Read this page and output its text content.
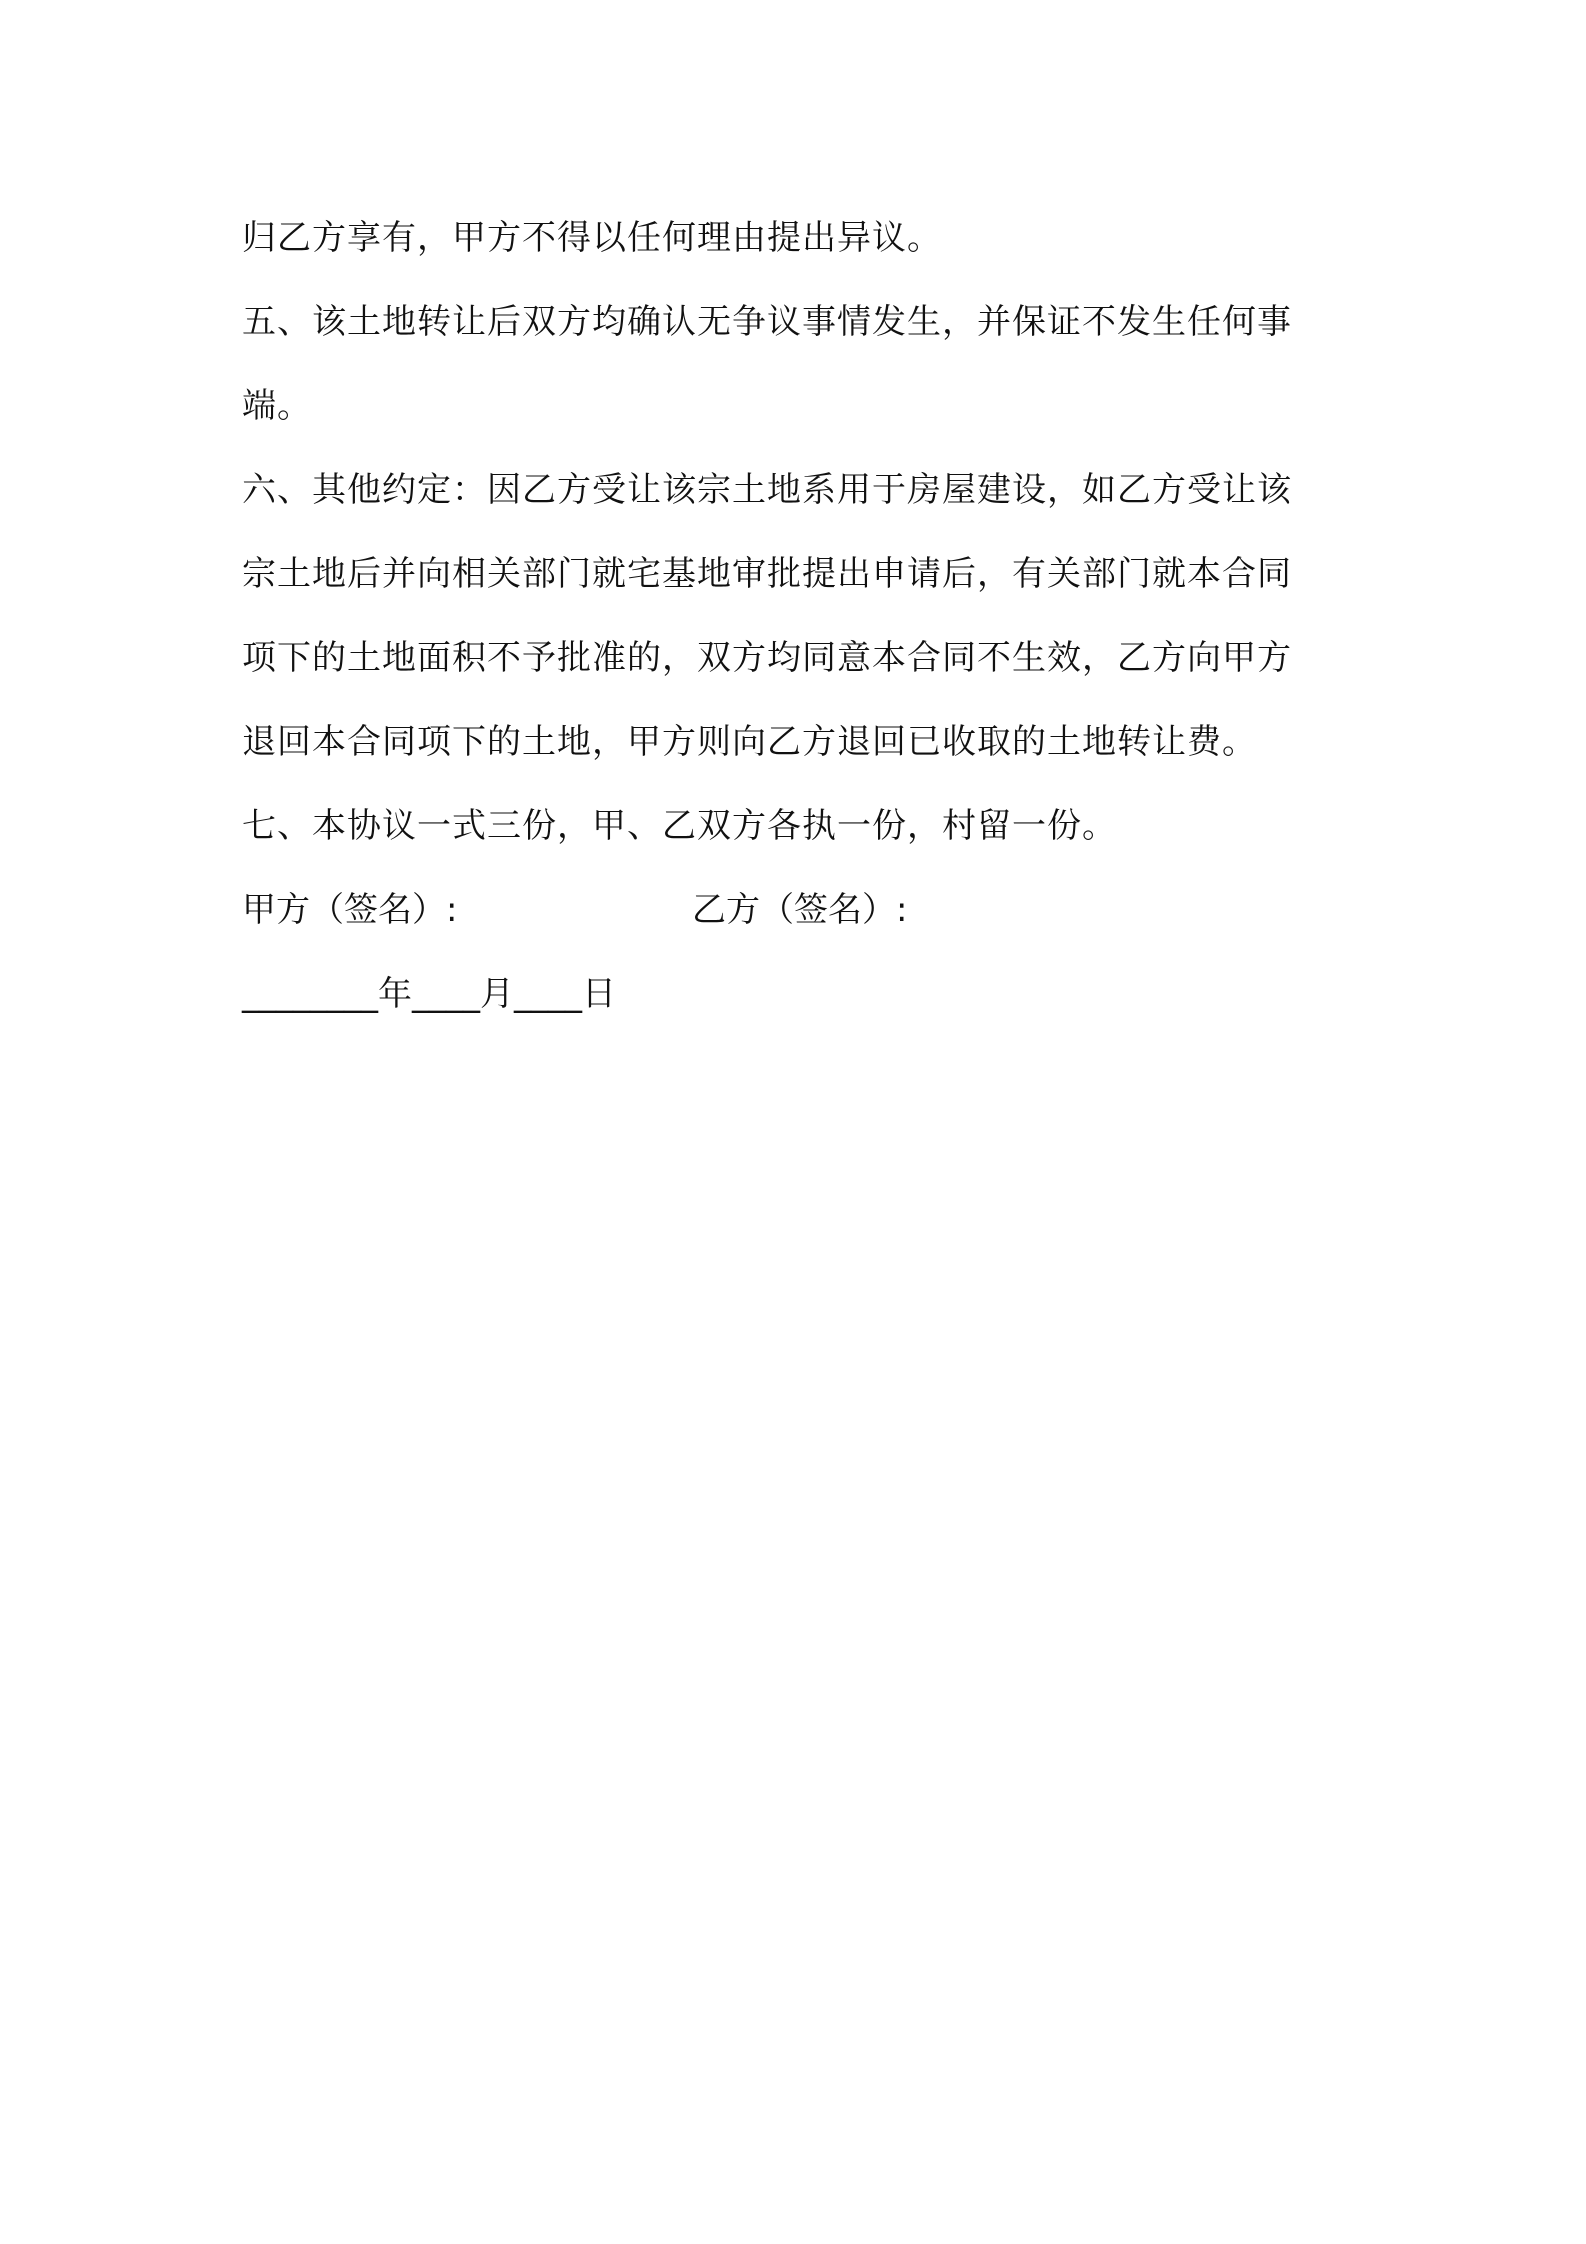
归乙方享有，甲方不得以任何理由提出异议。
五、该土地转让后双方均确认无争议事情发生，并保证不发生任何事
端。
六、其他约定：因乙方受让该宗土地系用于房屋建设，如乙方受让该
宗土地后并向相关部门就宅基地审批提出申请后，有关部门就本合同
项下的土地面积不予批准的，双方均同意本合同不生效，乙方向甲方
退回本合同项下的土地，甲方则向乙方退回已收取的土地转让费。
七、本协议一式三份，甲、乙双方各执一份，村留一份。
甲方（签名）:	乙方（签名）:
________年____月____日
